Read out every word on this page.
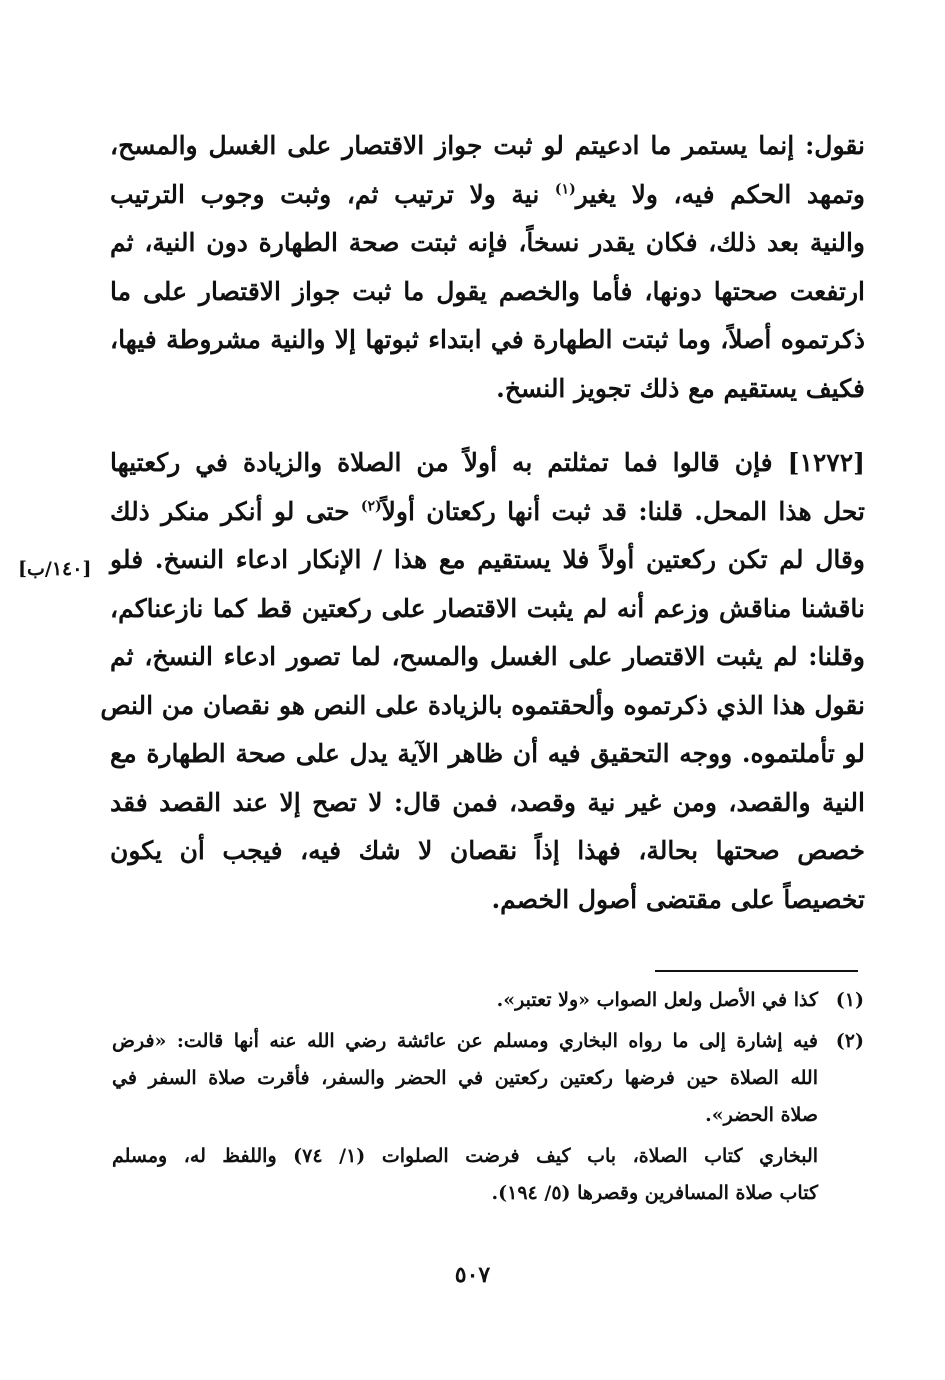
نقول: إنما يستمر ما ادعيتم لو ثبت جواز الاقتصار على الغسل والمسح،
وتمهد الحكم فيه، ولا يغير$^{(١)}$ نية ولا ترتيب ثم، وثبت وجوب الترتيب
والنية بعد ذلك، فكان يقدر نسخاً، فإنه ثبتت صحة الطهارة دون النية، ثم
ارتفعت صحتها دونها، فأما والخصم يقول ما ثبت جواز الاقتصار على ما
ذكرتموه أصلاً، وما ثبتت الطهارة في ابتداء ثبوتها إلا والنية مشروطة فيها،
فكيف يستقيم مع ذلك تجويز النسخ.
[١٢٧٢] فإن قالوا فما تمثلتم به أولاً من الصلاة والزيادة في ركعتيها
تحل هذا المحل. قلنا: قد ثبت أنها ركعتان أولاً$^{(٢)}$ حتى لو أنكر منكر ذلك
وقال لم تكن ركعتين أولاً فلا يستقيم مع هذا / الإنكار ادعاء النسخ. فلو
ناقشنا مناقش وزعم أنه لم يثبت الاقتصار على ركعتين قط كما نازعناكم،
وقلنا: لم يثبت الاقتصار على الغسل والمسح، لما تصور ادعاء النسخ، ثم
نقول هذا الذي ذكرتموه وألحقتموه بالزيادة على النص هو نقصان من النص
لو تأملتموه. ووجه التحقيق فيه أن ظاهر الآية يدل على صحة الطهارة مع
النية والقصد، ومن غير نية وقصد، فمن قال: لا تصح إلا عند القصد فقد
خصص صحتها بحالة، فهذا إذاً نقصان لا شك فيه، فيجب أن يكون
تخصيصاً على مقتضى أصول الخصم.
[١٤٠/ب]
(١)كذا في الأصل ولعل الصواب «ولا تعتبر».
(٢)فيه إشارة إلى ما رواه البخاري ومسلم عن عائشة رضي الله عنه أنها قالت: «فرض
الله الصلاة حين فرضها ركعتين ركعتين في الحضر والسفر، فأقرت صلاة السفر في
صلاة الحضر».
البخاري كتاب الصلاة، باب كيف فرضت الصلوات (١/ ٧٤) واللفظ له، ومسلم
كتاب صلاة المسافرين وقصرها (٥/ ١٩٤).
٥٠٧
